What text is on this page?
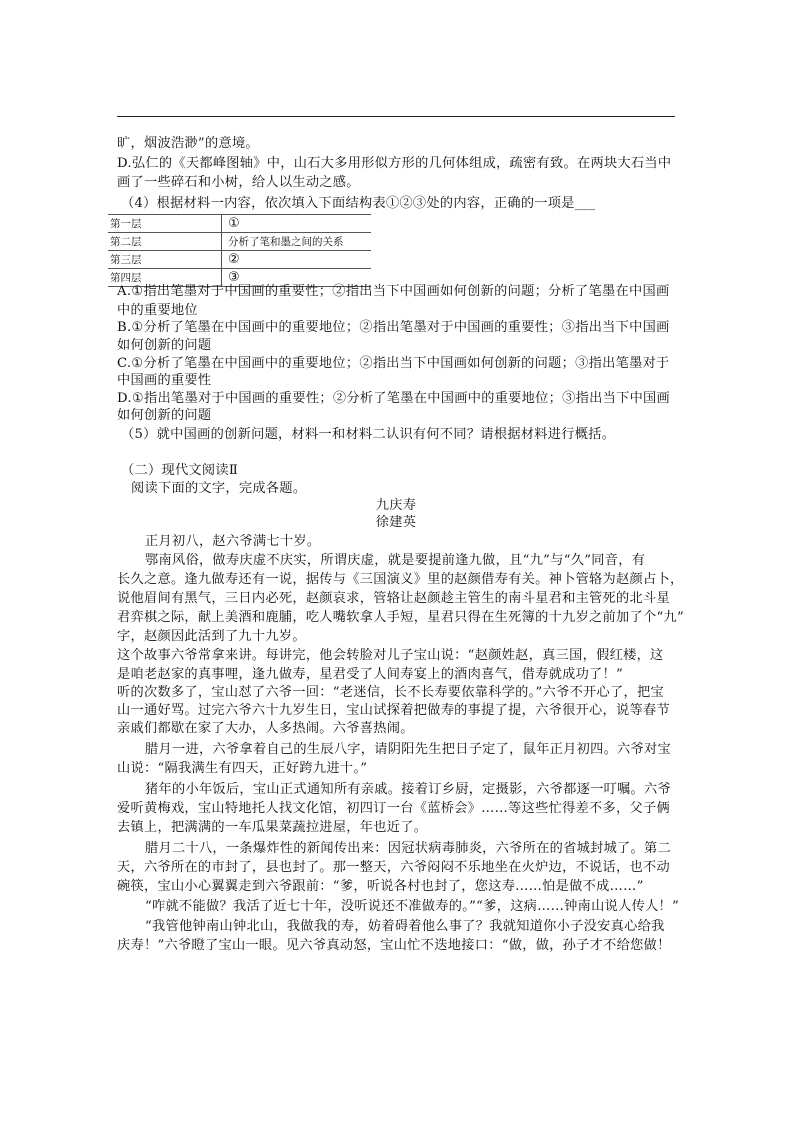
旷，烟波浩渺”的意境。
D.弘仁的《天都峰图轴》中，山石大多用形似方形的几何体组成，疏密有致。在两块大石当中
画了一些碎石和小树，给人以生动之感。
（4）根据材料一内容，依次填入下面结构表①②③处的内容，正确的一项是___
第一层	①
第二层	分析了笔和墨之间的关系
第三层	②
第四层	③
A.①指出笔墨对于中国画的重要性；②指出当下中国画如何创新的问题；分析了笔墨在中国画
中的重要地位
B.①分析了笔墨在中国画中的重要地位；②指出笔墨对于中国画的重要性；③指出当下中国画
如何创新的问题
C.①分析了笔墨在中国画中的重要地位；②指出当下中国画如何创新的问题；③指出笔墨对于
中国画的重要性
D.①指出笔墨对于中国画的重要性；②分析了笔墨在中国画中的重要地位；③指出当下中国画
如何创新的问题
（5）就中国画的创新问题，材料一和材料二认识有何不同？请根据材料进行概括。
（二）现代文阅读Ⅱ
阅读下面的文字，完成各题。
九庆寿
徐建英
正月初八，赵六爷满七十岁。
鄂南风俗，做寿庆虚不庆实，所谓庆虚，就是要提前逢九做，且“九”与“久”同音，有
长久之意。逢九做寿还有一说，据传与《三国演义》里的赵颜借寿有关。神卜管辂为赵颜占卜，
说他眉间有黑气，三日内必死，赵颜哀求，管辂让赵颜趁主管生的南斗星君和主管死的北斗星
君弈棋之际，献上美酒和鹿脯，吃人嘴软拿人手短，星君只得在生死簿的十九岁之前加了个“九”
字，赵颜因此活到了九十九岁。
这个故事六爷常拿来讲。每讲完，他会转脸对儿子宝山说：“赵颜姓赵，真三国，假红楼，这
是咱老赵家的真事哩，逢九做寿，星君受了人间寿宴上的酒肉喜气，借寿就成功了！”
听的次数多了，宝山怼了六爷一回：“老迷信，长不长寿要依靠科学的。”六爷不开心了，把宝
山一通好骂。过完六爷六十九岁生日，宝山试探着把做寿的事提了提，六爷很开心，说等春节
亲戚们都歇在家了大办，人多热闹。六爷喜热闹。
腊月一进，六爷拿着自己的生辰八字，请阴阳先生把日子定了，鼠年正月初四。六爷对宝
山说：“隔我满生有四天，正好跨九进十。”
猪年的小年饭后，宝山正式通知所有亲戚。接着订乡厨，定摄影，六爷都逐一叮嘱。六爷
爱听黄梅戏，宝山特地托人找文化馆，初四订一台《蓝桥会》……等这些忙得差不多，父子俩
去镇上，把满满的一车瓜果菜蔬拉进屋，年也近了。
腊月二十八，一条爆炸性的新闻传出来：因冠状病毒肺炎，六爷所在的省城封城了。第二
天，六爷所在的市封了，县也封了。那一整天，六爷闷闷不乐地坐在火炉边，不说话，也不动
碗筷，宝山小心翼翼走到六爷跟前：“爹，听说各村也封了，您这寿……怕是做不成……”
“咋就不能做？我活了近七十年，没听说还不准做寿的。”“爹，这病……钟南山说人传人！”
“我管他钟南山钟北山，我做我的寿，妨着碍着他么事了？我就知道你小子没安真心给我
庆寿！”六爷瞪了宝山一眼。见六爷真动怒，宝山忙不迭地接口：“做，做，孙子才不给您做！
